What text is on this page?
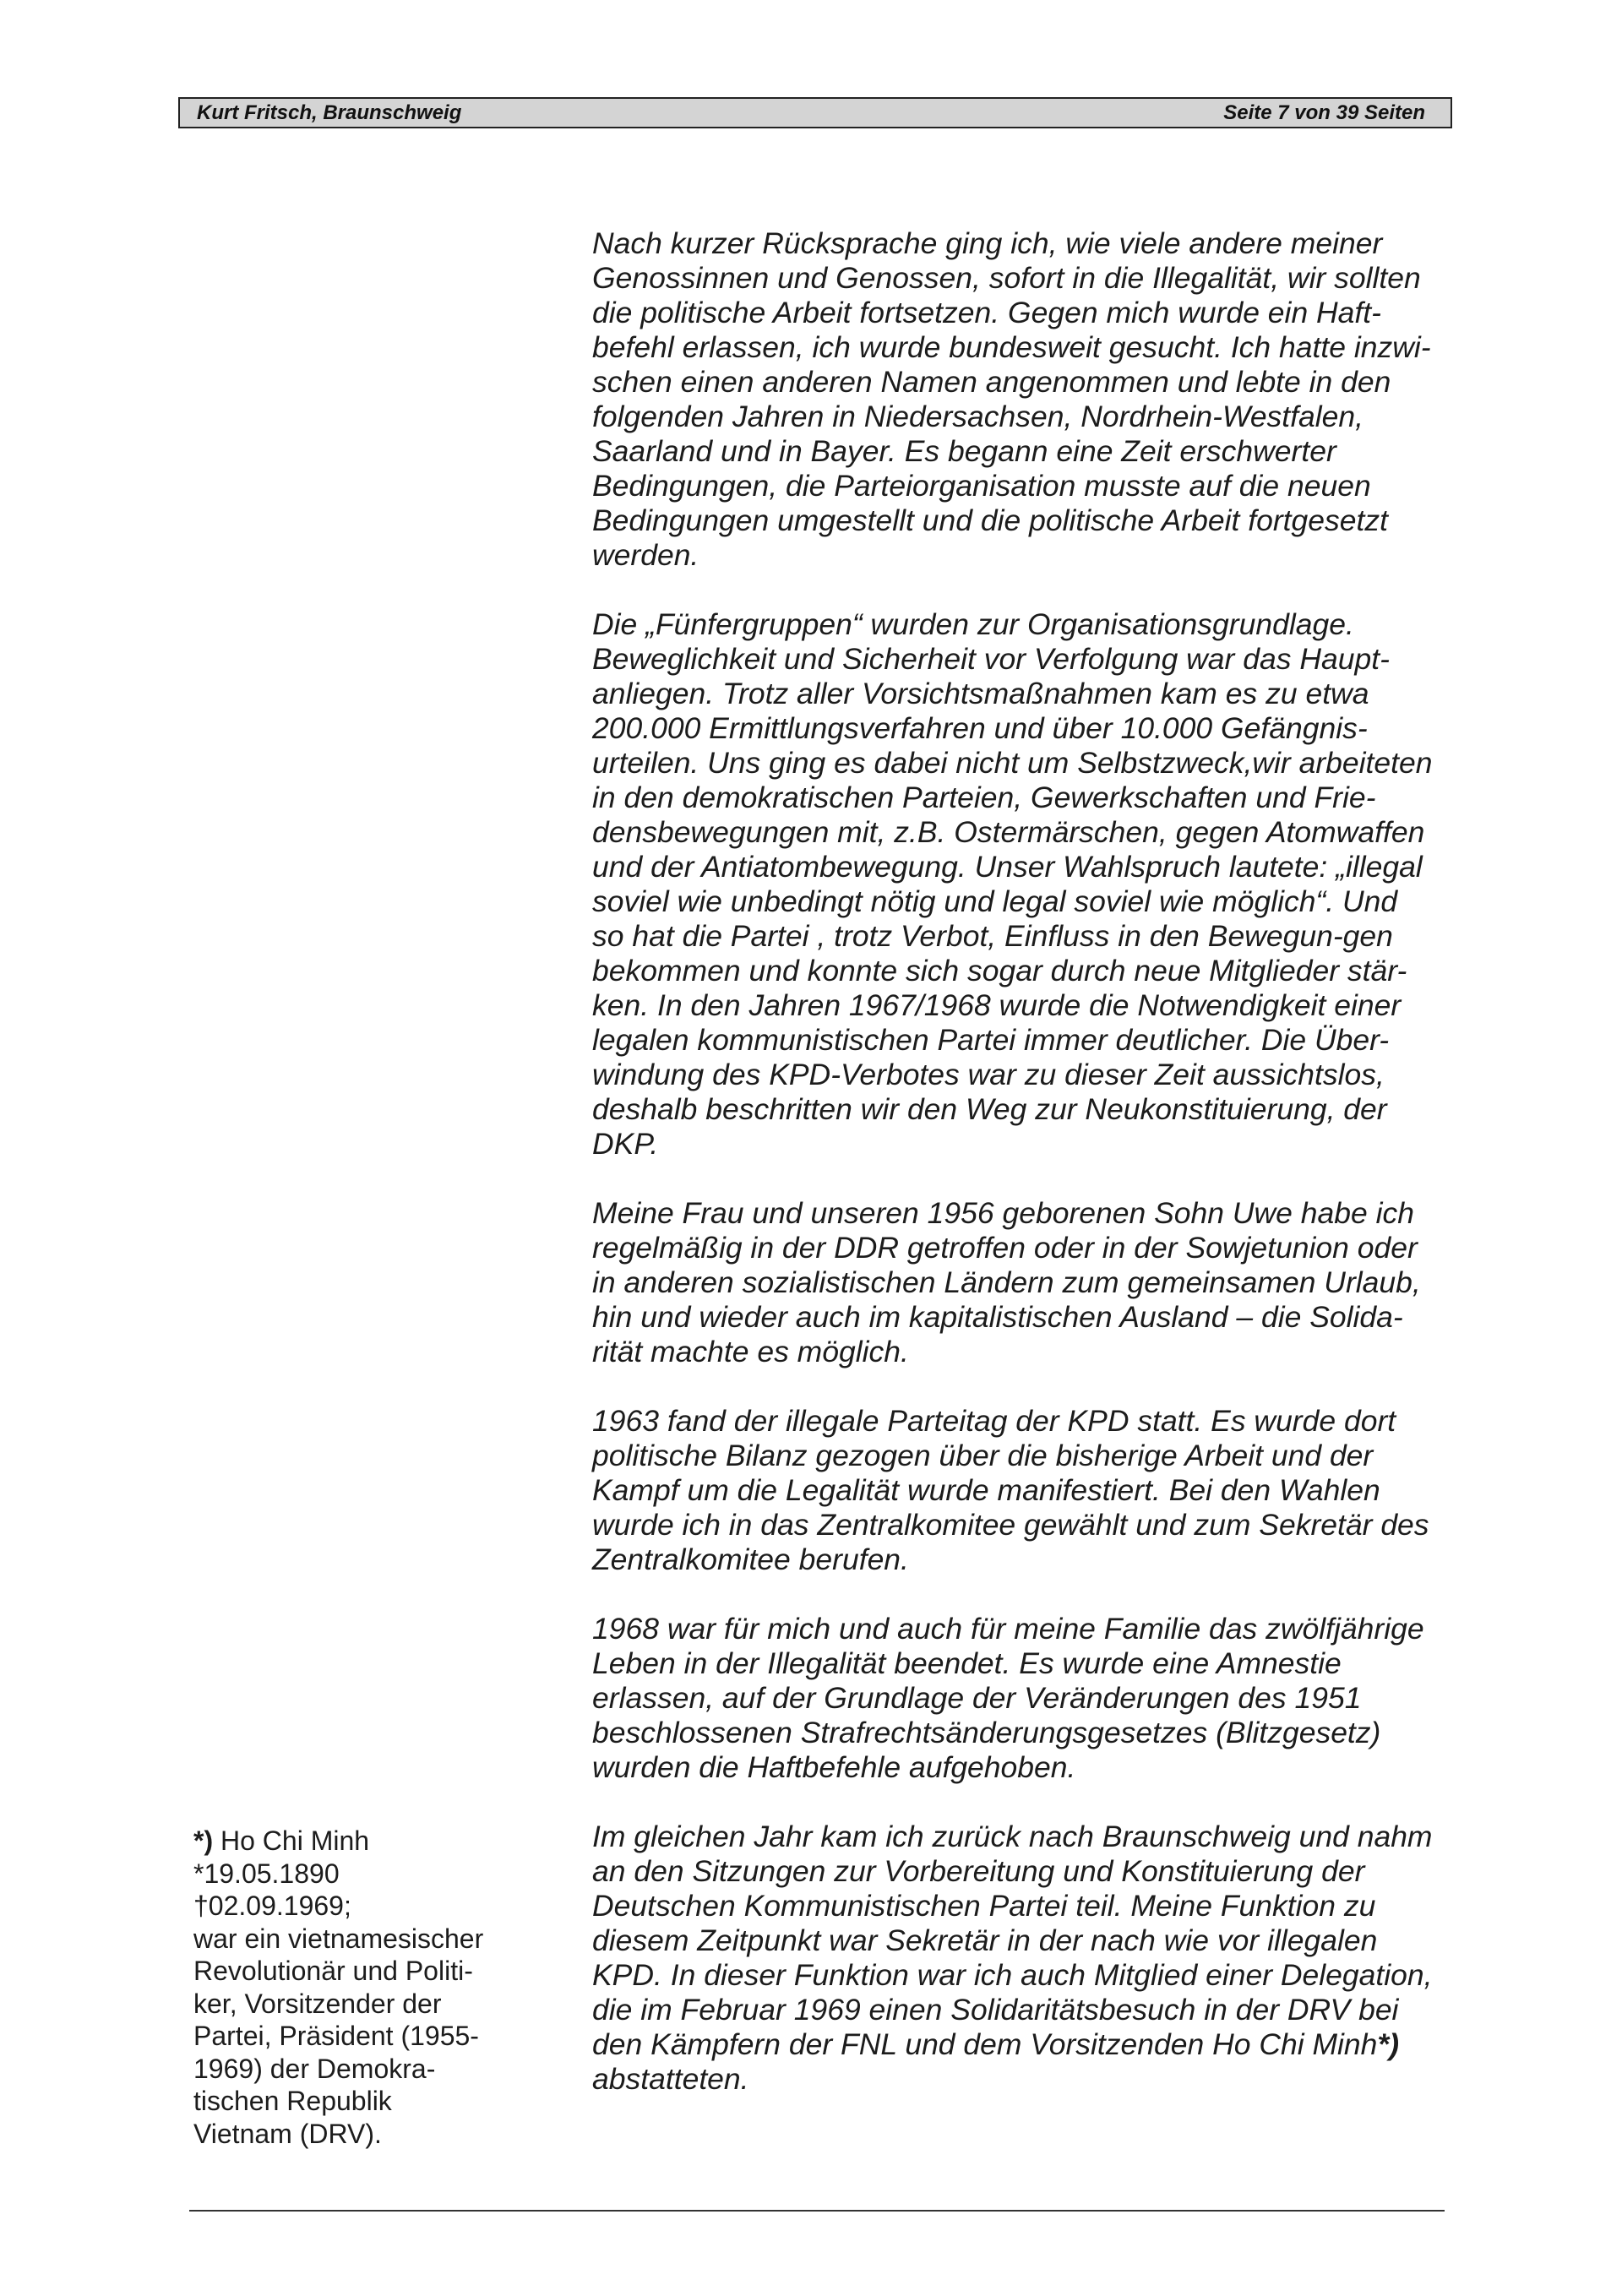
Kurt Fritsch, Braunschweig	Seite 7 von 39 Seiten

Nach kurzer Rücksprache ging ich, wie viele andere meiner
Genossinnen und Genossen, sofort in die Illegalität, wir sollten
die politische Arbeit fortsetzen. Gegen mich wurde ein Haft-
befehl erlassen, ich wurde bundesweit gesucht. Ich hatte inzwi-
schen einen anderen Namen angenommen und lebte in den
folgenden Jahren in Niedersachsen, Nordrhein-Westfalen,
Saarland und in Bayer. Es begann eine Zeit erschwerter
Bedingungen, die Parteiorganisation musste auf die neuen
Bedingungen umgestellt und die politische Arbeit fortgesetzt
werden.

Die „Fünfergruppen“ wurden zur Organisationsgrundlage.
Beweglichkeit und Sicherheit vor Verfolgung war das Haupt-
anliegen. Trotz aller Vorsichtsmaßnahmen kam es zu etwa
200.000 Ermittlungsverfahren und über 10.000 Gefängnis-
urteilen. Uns ging es dabei nicht um Selbstzweck,wir arbeiteten
in den demokratischen Parteien, Gewerkschaften und Frie-
densbewegungen mit, z.B. Ostermärschen, gegen Atomwaffen
und der Antiatombewegung. Unser Wahlspruch lautete: „illegal
soviel wie unbedingt nötig und legal soviel wie möglich“. Und
so hat die Partei , trotz Verbot, Einfluss in den Bewegun-gen
bekommen und konnte sich sogar durch neue Mitglieder stär-
ken. In den Jahren 1967/1968 wurde die Notwendigkeit einer
legalen kommunistischen Partei immer deutlicher. Die Über-
windung des KPD-Verbotes war zu dieser Zeit aussichtslos,
deshalb beschritten wir den Weg zur Neukonstituierung, der
DKP.

Meine Frau und unseren 1956 geborenen Sohn Uwe habe ich
regelmäßig in der DDR getroffen oder in der Sowjetunion oder
in anderen sozialistischen Ländern zum gemeinsamen Urlaub,
hin und wieder auch im kapitalistischen Ausland – die Solida-
rität machte es möglich.

1963 fand der illegale Parteitag der KPD statt. Es wurde dort
politische Bilanz gezogen über die bisherige Arbeit und der
Kampf um die Legalität wurde manifestiert. Bei den Wahlen
wurde ich in das Zentralkomitee gewählt und zum Sekretär des
Zentralkomitee berufen.

1968 war für mich und auch für meine Familie das zwölfjährige
Leben in der Illegalität beendet. Es wurde eine Amnestie
erlassen, auf der Grundlage der Veränderungen des 1951
beschlossenen Strafrechtsänderungsgesetzes (Blitzgesetz)
wurden die Haftbefehle aufgehoben.

Im gleichen Jahr kam ich zurück nach Braunschweig und nahm
an den Sitzungen zur Vorbereitung und Konstituierung der
Deutschen Kommunistischen Partei teil. Meine Funktion zu
diesem Zeitpunkt war Sekretär in der nach wie vor illegalen
KPD. In dieser Funktion war ich auch Mitglied einer Delegation,
die im Februar 1969 einen Solidaritätsbesuch in der DRV bei
den Kämpfern der FNL und dem Vorsitzenden Ho Chi Minh*)
abstatteten.

*) Ho Chi Minh
*19.05.1890
†02.09.1969;
war ein vietnamesischer
Revolutionär und Politi-
ker, Vorsitzender der
Partei, Präsident (1955-
1969) der Demokra-
tischen Republik
Vietnam (DRV).
